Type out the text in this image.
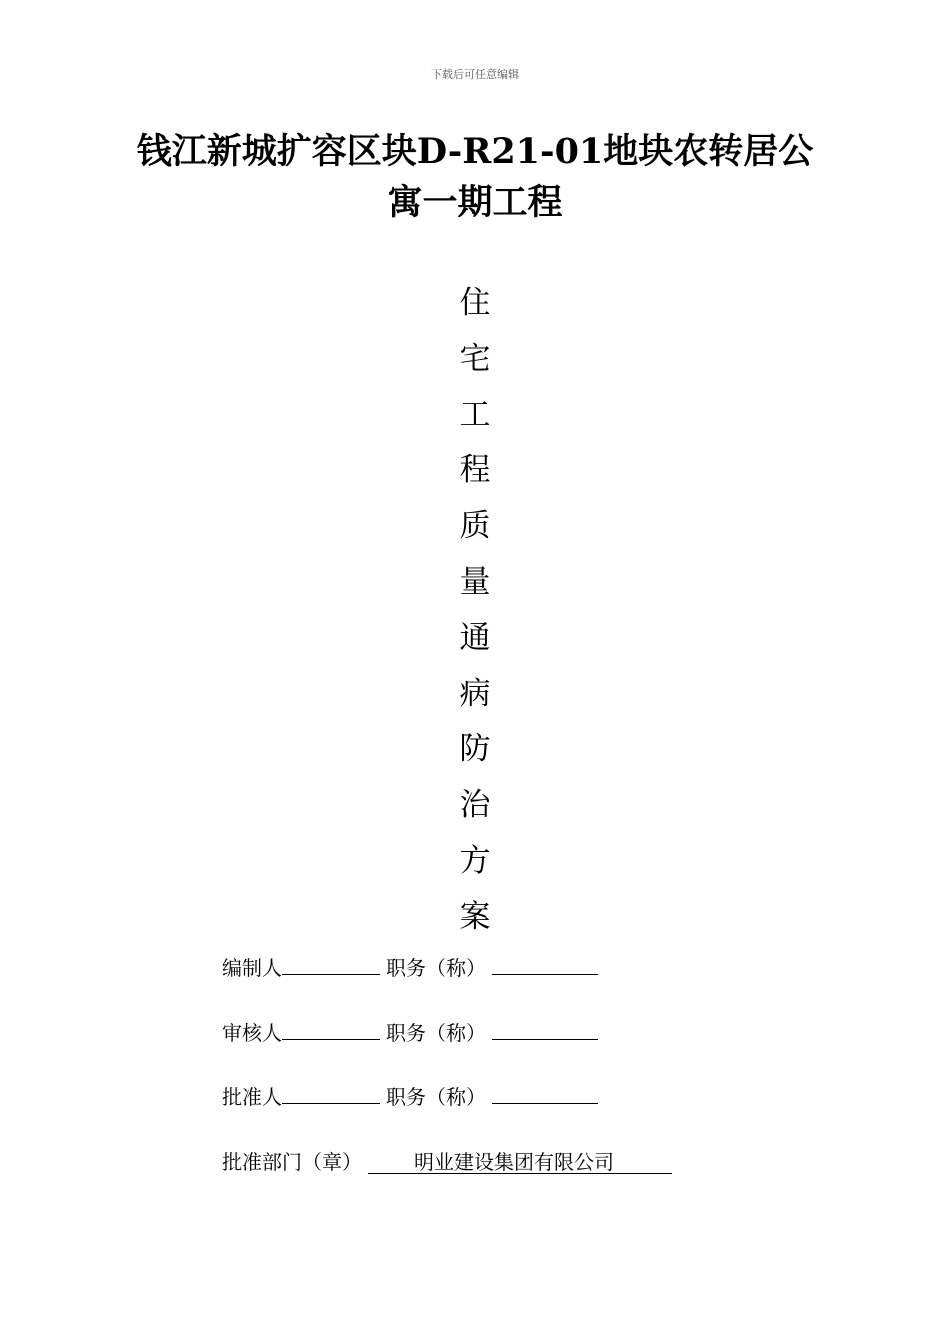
下载后可任意编辑
钱江新城扩容区块D-R21-01地块农转居公
寓一期工程
住
宅
工
程
质
量
通
病
防
治
方
案
编制人	职务（称）
审核人	职务（称）
批准人	职务（称）
批准部门（章）	明业建设集团有限公司
